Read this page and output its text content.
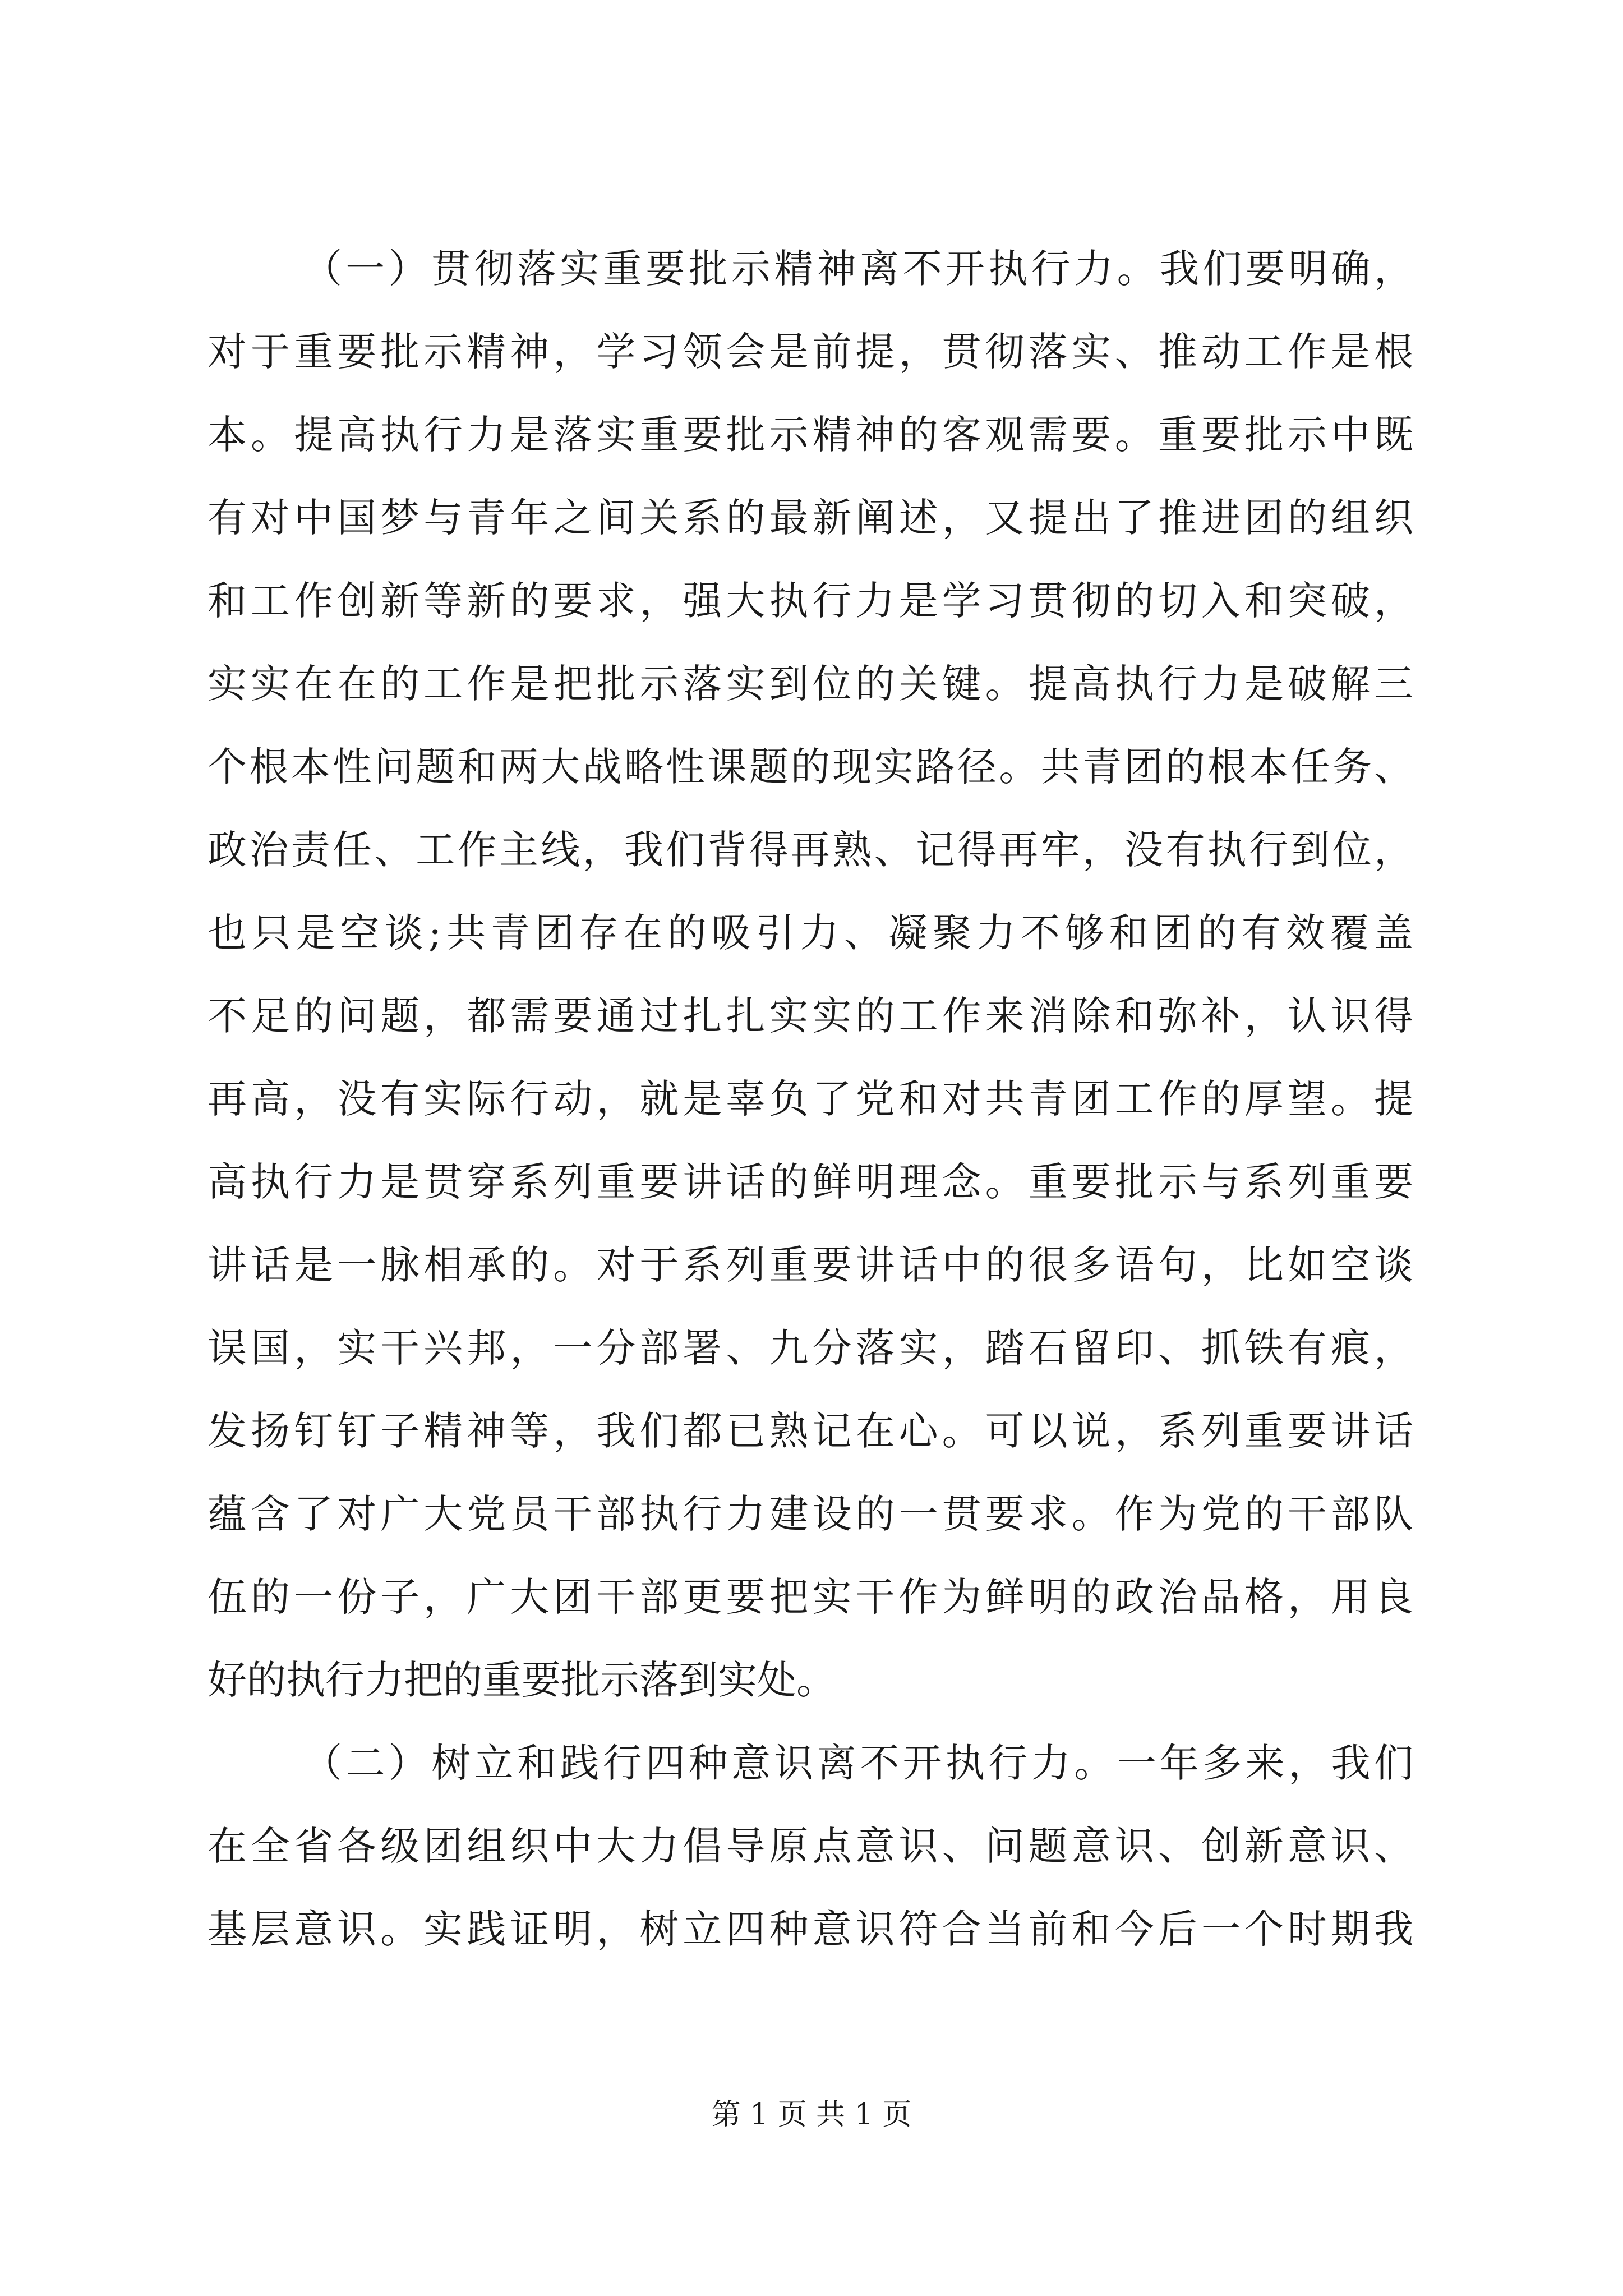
（一）贯彻落实重要批示精神离不开执行力。我们要明确，
对于重要批示精神，学习领会是前提，贯彻落实、推动工作是根
本。提高执行力是落实重要批示精神的客观需要。重要批示中既
有对中国梦与青年之间关系的最新阐述，又提出了推进团的组织
和工作创新等新的要求，强大执行力是学习贯彻的切入和突破，
实实在在的工作是把批示落实到位的关键。提高执行力是破解三
个根本性问题和两大战略性课题的现实路径。共青团的根本任务、
政治责任、工作主线，我们背得再熟、记得再牢，没有执行到位，
也只是空谈;共青团存在的吸引力、凝聚力不够和团的有效覆盖
不足的问题，都需要通过扎扎实实的工作来消除和弥补，认识得
再高，没有实际行动，就是辜负了党和对共青团工作的厚望。提
高执行力是贯穿系列重要讲话的鲜明理念。重要批示与系列重要
讲话是一脉相承的。对于系列重要讲话中的很多语句，比如空谈
误国，实干兴邦，一分部署、九分落实，踏石留印、抓铁有痕，
发扬钉钉子精神等，我们都已熟记在心。可以说，系列重要讲话
蕴含了对广大党员干部执行力建设的一贯要求。作为党的干部队
伍的一份子，广大团干部更要把实干作为鲜明的政治品格，用良
好的执行力把的重要批示落到实处。
（二）树立和践行四种意识离不开执行力。一年多来，我们
在全省各级团组织中大力倡导原点意识、问题意识、创新意识、
基层意识。实践证明，树立四种意识符合当前和今后一个时期我
第 1 页 共 1 页
